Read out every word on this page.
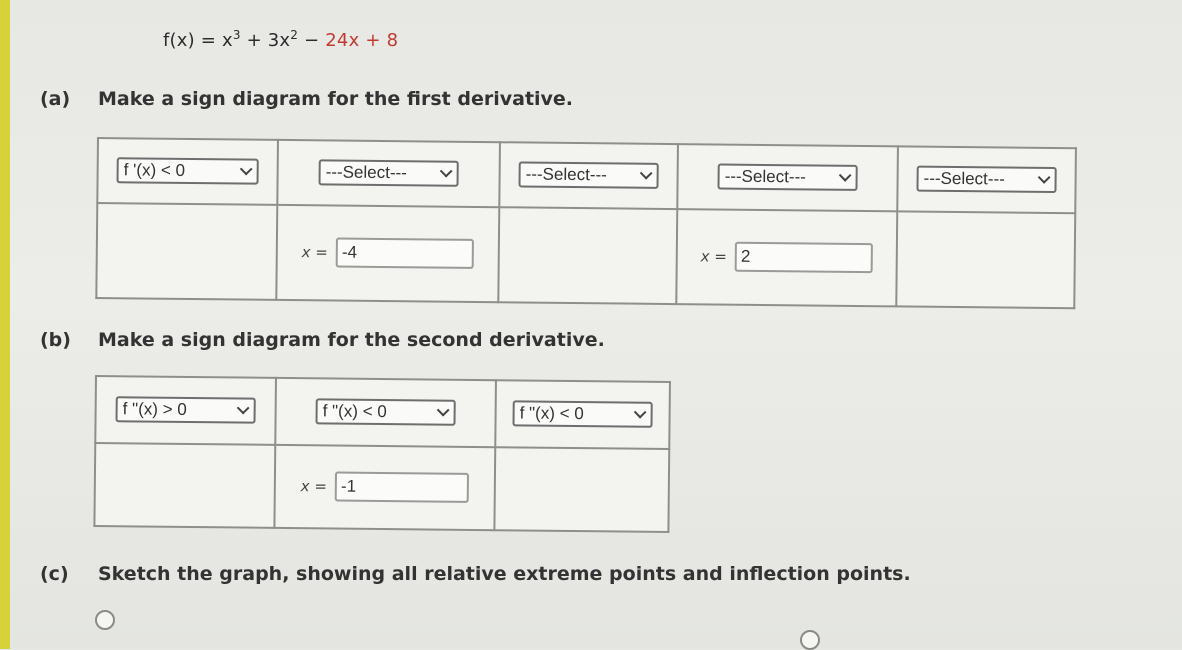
$f(x) = x^3 + 3x^2 - 24x + 8$
(a) Make a sign diagram for the first derivative.
f '(x) < 0	---Select---	---Select---	---Select---	---Select---

	x = -4		x = 2	

(b) Make a sign diagram for the second derivative.
f "(x) > 0	f "(x) < 0	f "(x) < 0

	x = -1	

(c) Sketch the graph, showing all relative extreme points and inflection points.
